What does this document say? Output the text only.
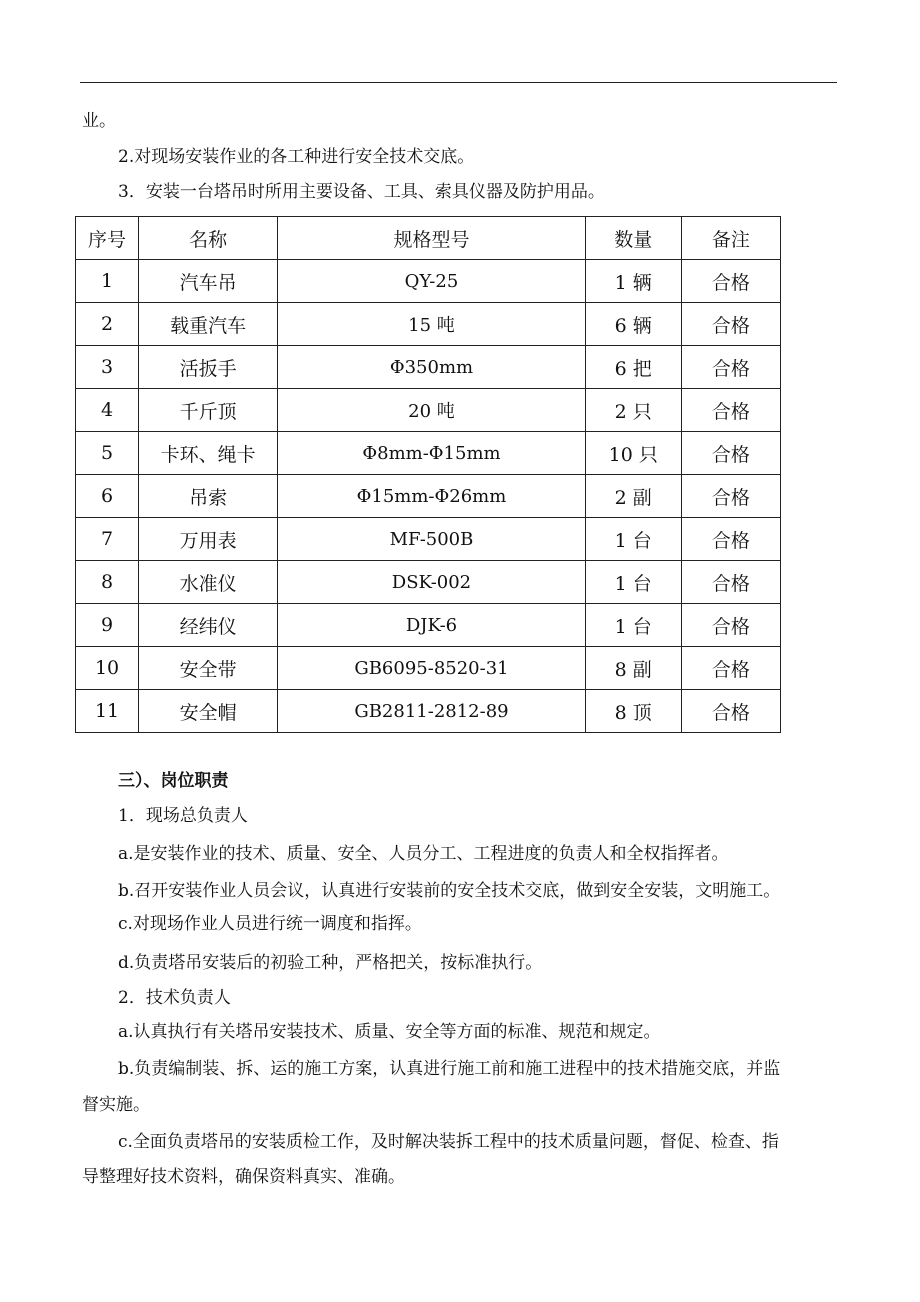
业。
2.对现场安装作业的各工种进行安全技术交底。
3．安装一台塔吊时所用主要设备、工具、索具仪器及防护用品。
序号	名称	规格型号	数量	备注
1	汽车吊	QY-25	1 辆	合格
2	载重汽车	15 吨	6 辆	合格
3	活扳手	Φ350mm	6 把	合格
4	千斤顶	20 吨	2 只	合格
5	卡环、绳卡	Φ8mm-Φ15mm	10 只	合格
6	吊索	Φ15mm-Φ26mm	2 副	合格
7	万用表	MF-500B	1 台	合格
8	水准仪	DSK-002	1 台	合格
9	经纬仪	DJK-6	1 台	合格
10	安全带	GB6095-8520-31	8 副	合格
11	安全帽	GB2811-2812-89	8 顶	合格
三）、岗位职责
1．现场总负责人
a.是安装作业的技术、质量、安全、人员分工、工程进度的负责人和全权指挥者。
b.召开安装作业人员会议，认真进行安装前的安全技术交底，做到安全安装，文明施工。
c.对现场作业人员进行统一调度和指挥。
d.负责塔吊安装后的初验工种，严格把关，按标准执行。
2．技术负责人
a.认真执行有关塔吊安装技术、质量、安全等方面的标准、规范和规定。
b.负责编制装、拆、运的施工方案，认真进行施工前和施工进程中的技术措施交底，并监
督实施。
c.全面负责塔吊的安装质检工作，及时解决装拆工程中的技术质量问题，督促、检查、指
导整理好技术资料，确保资料真实、准确。
